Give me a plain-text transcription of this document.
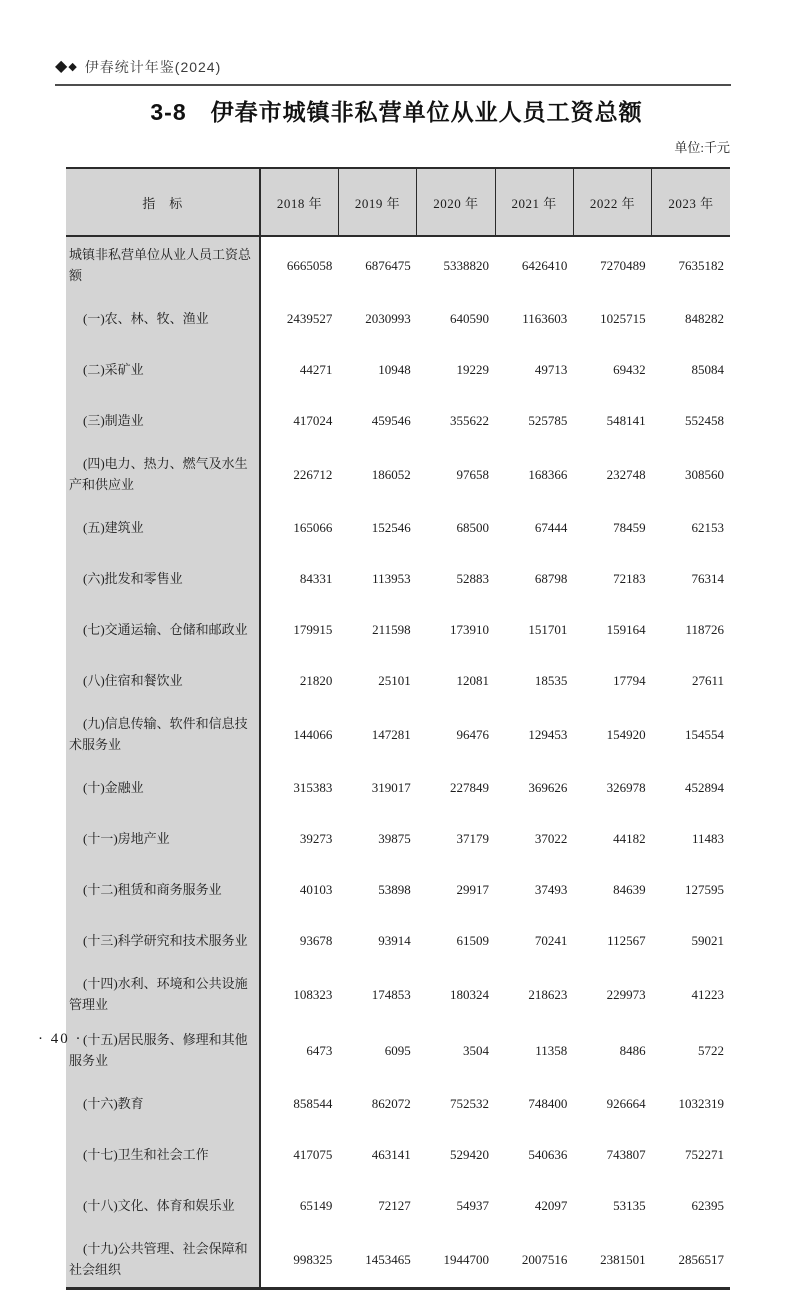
◆ ◆ 伊春统计年鉴(2024)
3-8　伊春市城镇非私营单位从业人员工资总额
单位:千元
指　标	2018 年	2019 年	2020 年	2021 年	2022 年	2023 年
城镇非私营单位从业人员工资总额	6665058	6876475	5338820	6426410	7270489	7635182
(一)农、林、牧、渔业	2439527	2030993	640590	1163603	1025715	848282
(二)采矿业	44271	10948	19229	49713	69432	85084
(三)制造业	417024	459546	355622	525785	548141	552458
(四)电力、热力、燃气及水生产和供应业	226712	186052	97658	168366	232748	308560
(五)建筑业	165066	152546	68500	67444	78459	62153
(六)批发和零售业	84331	113953	52883	68798	72183	76314
(七)交通运输、仓储和邮政业	179915	211598	173910	151701	159164	118726
(八)住宿和餐饮业	21820	25101	12081	18535	17794	27611
(九)信息传输、软件和信息技术服务业	144066	147281	96476	129453	154920	154554
(十)金融业	315383	319017	227849	369626	326978	452894
(十一)房地产业	39273	39875	37179	37022	44182	11483
(十二)租赁和商务服务业	40103	53898	29917	37493	84639	127595
(十三)科学研究和技术服务业	93678	93914	61509	70241	112567	59021
(十四)水利、环境和公共设施管理业	108323	174853	180324	218623	229973	41223
(十五)居民服务、修理和其他服务业	6473	6095	3504	11358	8486	5722
(十六)教育	858544	862072	752532	748400	926664	1032319
(十七)卫生和社会工作	417075	463141	529420	540636	743807	752271
(十八)文化、体育和娱乐业	65149	72127	54937	42097	53135	62395
(十九)公共管理、社会保障和社会组织	998325	1453465	1944700	2007516	2381501	2856517
· 40 ·
